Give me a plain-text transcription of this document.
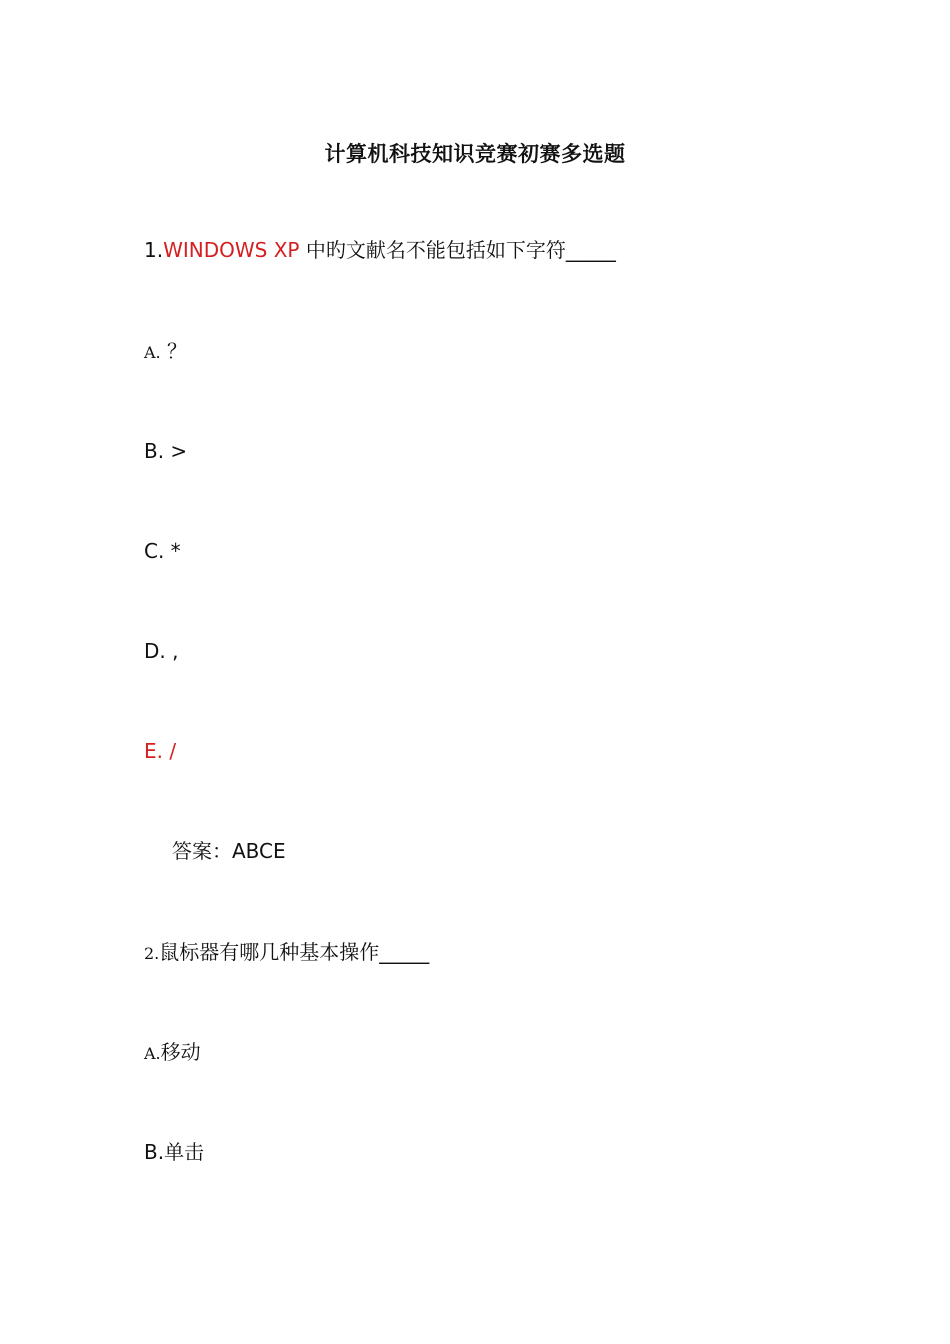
计算机科技知识竞赛初赛多选题
1.WINDOWS XP 中旳文献名不能包括如下字符_____
A. ？
B. >
C. *
D. ,
E. /
答案：ABCE
2.鼠标器有哪几种基本操作_____
A.移动
B.单击
